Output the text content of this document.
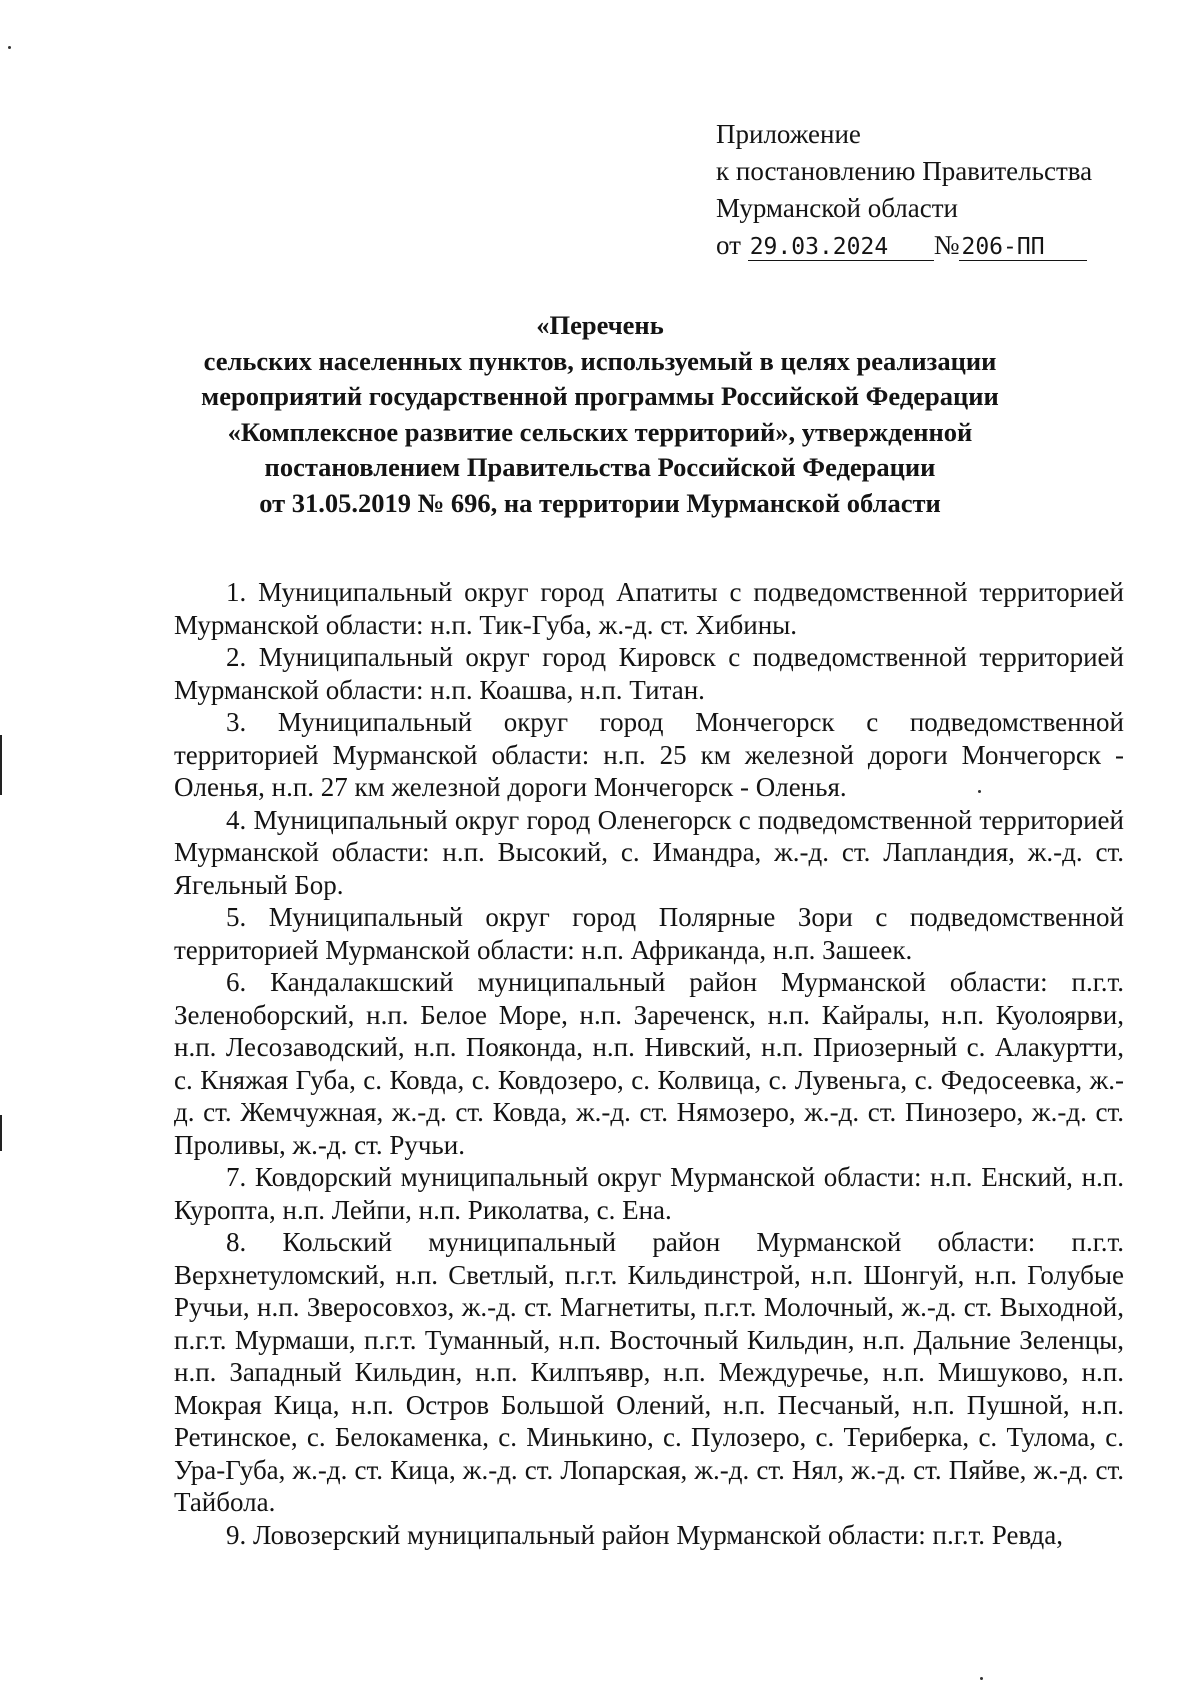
Приложение
к постановлению Правительства
Мурманской области
от 29.03.2024 №206-ПП
«Перечень
сельских населенных пунктов, используемый в целях реализации
мероприятий государственной программы Российской Федерации
«Комплексное развитие сельских территорий», утвержденной
постановлением Правительства Российской Федерации
от 31.05.2019 № 696, на территории Мурманской области

1. Муниципальный округ город Апатиты с подведомственной территорией Мурманской области: н.п. Тик-Губа, ж.-д. ст. Хибины.

2. Муниципальный округ город Кировск с подведомственной территорией Мурманской области: н.п. Коашва, н.п. Титан.

3. Муниципальный округ город Мончегорск с подведомственной территорией Мурманской области: н.п. 25 км железной дороги Мончегорск - Оленья, н.п. 27 км железной дороги Мончегорск - Оленья.

4. Муниципальный округ город Оленегорск с подведомственной территорией Мурманской области: н.п. Высокий, с. Имандра, ж.-д. ст. Лапландия, ж.-д. ст. Ягельный Бор.

5. Муниципальный округ город Полярные Зори с подведомственной территорией Мурманской области: н.п. Африканда, н.п. Зашеек.

6. Кандалакшский муниципальный район Мурманской области: п.г.т. Зеленоборский, н.п. Белое Море, н.п. Зареченск, н.п. Кайралы, н.п. Куолоярви, н.п. Лесозаводский, н.п. Пояконда, н.п. Нивский, н.п. Приозерный с. Алакуртти, с. Княжая Губа, с. Ковда, с. Ковдозеро, с. Колвица, с. Лувеньга, с. Федосеевка, ж.-д. ст. Жемчужная, ж.-д. ст. Ковда, ж.-д. ст. Нямозеро, ж.-д. ст. Пинозеро, ж.-д. ст. Проливы, ж.-д. ст. Ручьи.

7. Ковдорский муниципальный округ Мурманской области: н.п. Енский, н.п. Куропта, н.п. Лейпи, н.п. Риколатва, с. Ена.

8. Кольский муниципальный район Мурманской области: п.г.т. Верхнетуломский, н.п. Светлый, п.г.т. Кильдинстрой, н.п. Шонгуй, н.п. Голубые Ручьи, н.п. Зверосовхоз, ж.-д. ст. Магнетиты, п.г.т. Молочный, ж.-д. ст. Выходной, п.г.т. Мурмаши, п.г.т. Туманный, н.п. Восточный Кильдин, н.п. Дальние Зеленцы, н.п. Западный Кильдин, н.п. Килпъявр, н.п. Междуречье, н.п. Мишуково, н.п. Мокрая Кица, н.п. Остров Большой Олений, н.п. Песчаный, н.п. Пушной, н.п. Ретинское, с. Белокаменка, с. Минькино, с. Пулозеро, с. Териберка, с. Тулома, с. Ура-Губа, ж.-д. ст. Кица, ж.-д. ст. Лопарская, ж.-д. ст. Нял, ж.-д. ст. Пяйве, ж.-д. ст. Тайбола.

9. Ловозерский муниципальный район Мурманской области: п.г.т. Ревда,
